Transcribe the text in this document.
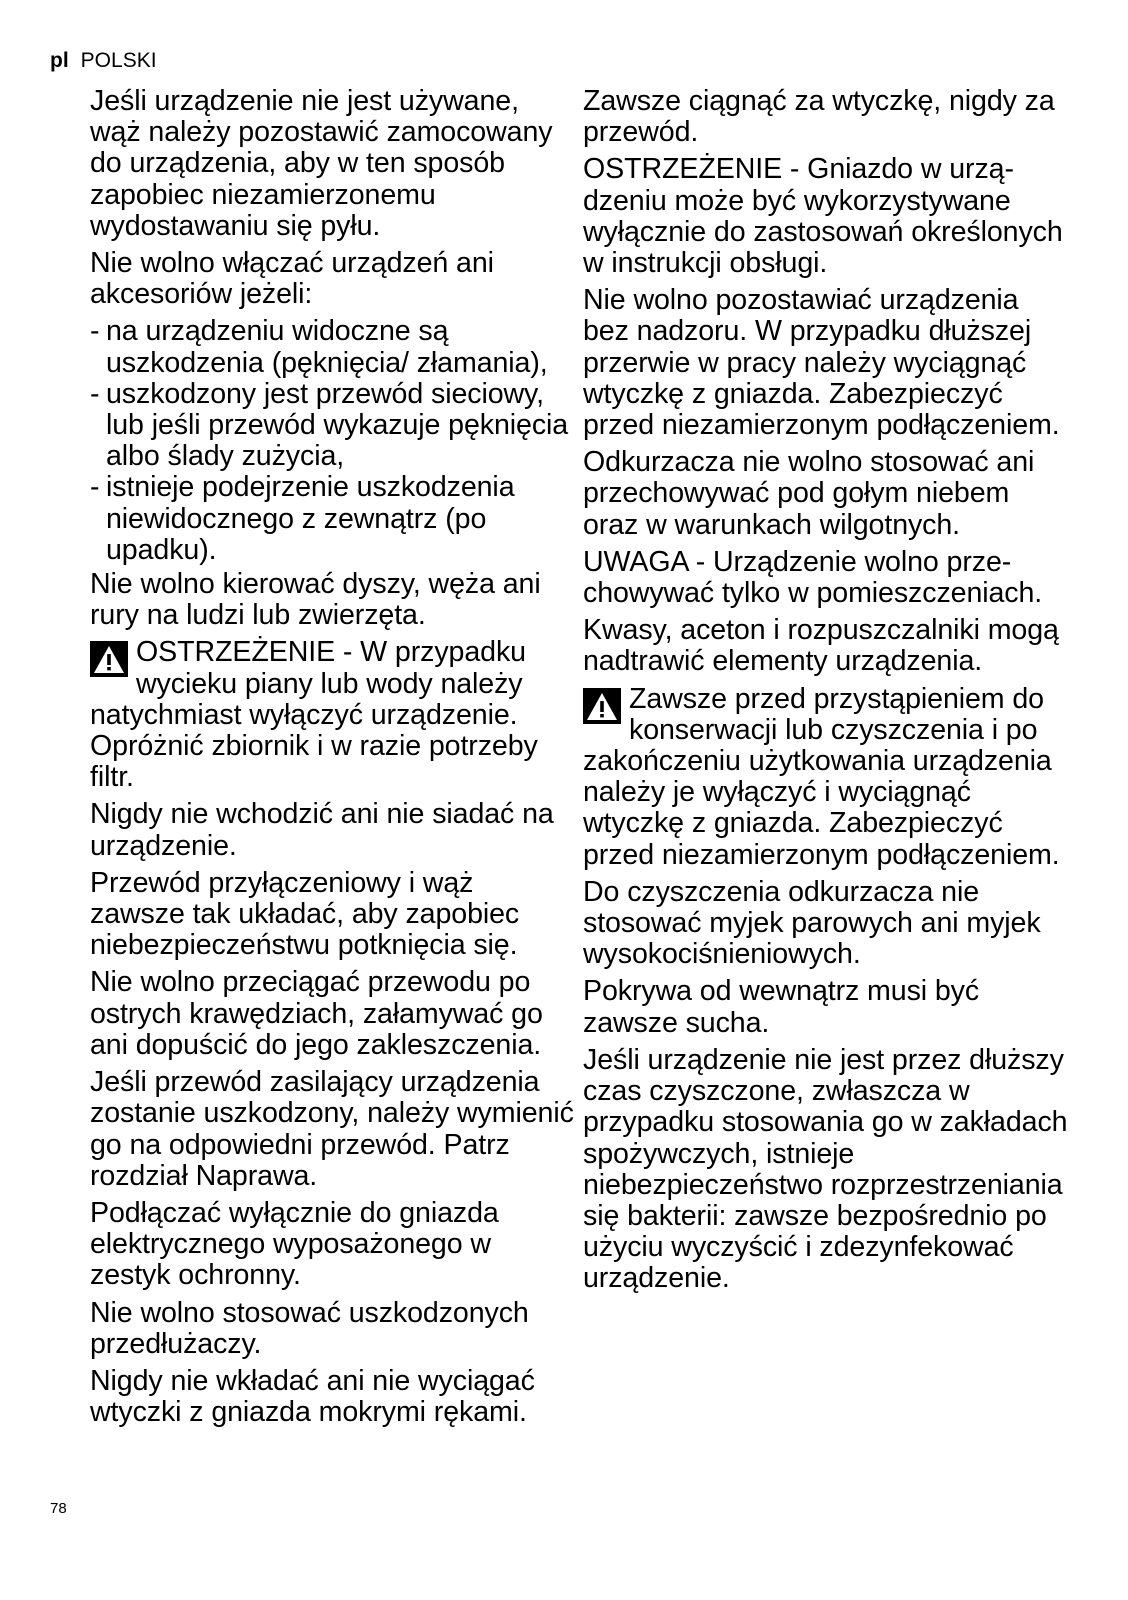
pl POLSKI

Jeśli urządzenie nie jest używane, wąż należy pozostawić zamocowany do urządzenia, aby w ten sposób zapobiec niezamierzonemu wydostawaniu się pyłu.

Nie wolno włączać urządzeń ani akcesoriów jeżeli:

- na urządzeniu widoczne są uszkodzenia (pęknięcia/ złamania),
- uszkodzony jest przewód sieciowy, lub jeśli przewód wykazuje pęknięcia albo ślady zużycia,
- istnieje podejrzenie uszkodzenia niewidocznego z zewnątrz (po upadku).

Nie wolno kierować dyszy, węża ani rury na ludzi lub zwierzęta.

OSTRZEŻENIE - W przypadku wycieku piany lub wody należy natychmiast wyłączyć urządzenie. Opróżnić zbiornik i w razie potrzeby filtr.

Nigdy nie wchodzić ani nie siadać na urządzenie.

Przewód przyłączeniowy i wąż zawsze tak układać, aby zapobiec niebezpieczeństwu potknięcia się.

Nie wolno przeciągać przewodu po ostrych krawędziach, załamywać go ani dopuścić do jego zakleszczenia.

Jeśli przewód zasilający urządzenia zostanie uszkodzony, należy wymienić go na odpowiedni przewód. Patrz rozdział Naprawa.

Podłączać wyłącznie do gniazda elektrycznego wyposażonego w zestyk ochronny.

Nie wolno stosować uszkodzonych przedłużaczy.

Nigdy nie wkładać ani nie wyciągać wtyczki z gniazda mokrymi rękami.

Zawsze ciągnąć za wtyczkę, nigdy za przewód.

OSTRZEŻENIE - Gniazdo w urządzeniu może być wykorzystywane wyłącznie do zastosowań określonych w instrukcji obsługi.

Nie wolno pozostawiać urządzenia bez nadzoru. W przypadku dłuższej przerwie w pracy należy wyciągnąć wtyczkę z gniazda. Zabezpieczyć przed niezamierzonym podłączeniem.

Odkurzacza nie wolno stosować ani przechowywać pod gołym niebem oraz w warunkach wilgotnych.

UWAGA - Urządzenie wolno przechowywać tylko w pomieszczeniach.

Kwasy, aceton i rozpuszczalniki mogą nadtrawić elementy urządzenia.

Zawsze przed przystąpieniem do konserwacji lub czyszczenia i po zakończeniu użytkowania urządzenia należy je wyłączyć i wyciągnąć wtyczkę z gniazda. Zabezpieczyć przed niezamierzonym podłączeniem.

Do czyszczenia odkurzacza nie stosować myjek parowych ani myjek wysokociśnieniowych.

Pokrywa od wewnątrz musi być zawsze sucha.

Jeśli urządzenie nie jest przez dłuższy czas czyszczone, zwłaszcza w przypadku stosowania go w zakładach spożywczych, istnieje niebezpieczeństwo rozprzestrzeniania się bakterii: zawsze bezpośrednio po użyciu wyczyścić i zdezynfekować urządzenie.

78
